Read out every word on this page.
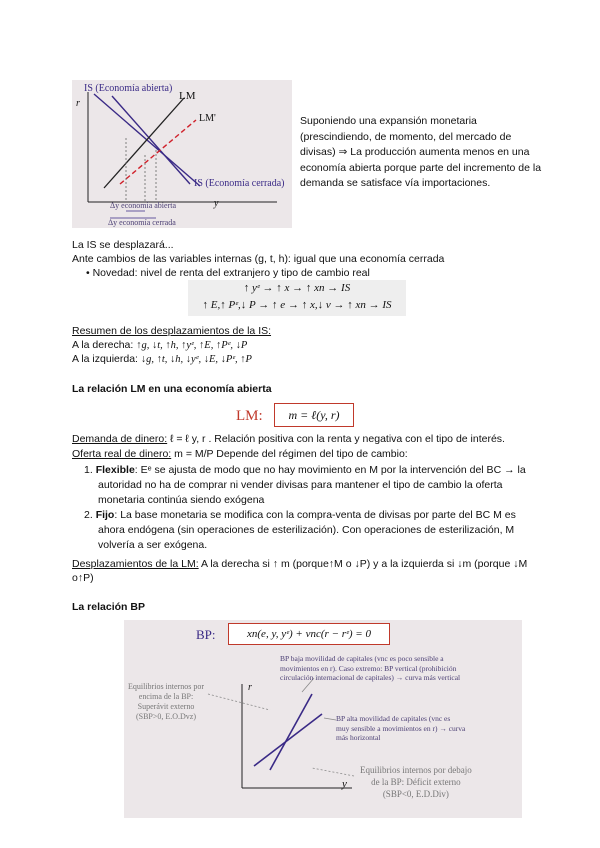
IS (Economía abierta)
LM
LM'
IS (Economía cerrada)
r
Δy economía abierta	y
Δy economía cerrada
Suponiendo una expansión monetaria
(prescindiendo, de momento, del mercado de
divisas) ⇒ La producción aumenta menos en una
economía abierta porque parte del incremento de la
demanda se satisface vía importaciones.
La IS se desplazará...
Ante cambios de las variables internas (g, t, h): igual que una economía cerrada
• Novedad: nivel de renta del extranjero y tipo de cambio real
↑ yᵉ → ↑ x → ↑ xn → IS
↑ E,↑ Pᵉ,↓ P → ↑ e → ↑ x,↓ v → ↑ xn → IS
Resumen de los desplazamientos de la IS:
A la derecha: ↑g, ↓t, ↑h, ↑yᵉ, ↑E, ↑Pᵉ, ↓P
A la izquierda: ↓g, ↑t, ↓h, ↓yᵉ, ↓E, ↓Pᵉ, ↑P
La relación LM en una economía abierta
LM:	m = ℓ(y, r)
Demanda de dinero: ℓ = ℓ y, r . Relación positiva con la renta y negativa con el tipo de interés.
Oferta real de dinero: m = M/P Depende del régimen del tipo de cambio:
1. Flexible: Eᵉ se ajusta de modo que no hay movimiento en M por la intervención del BC → la
autoridad no ha de comprar ni vender divisas para mantener el tipo de cambio la oferta
monetaria continúa siendo exógena
2. Fijo: La base monetaria se modifica con la compra-venta de divisas por parte del BC M es
ahora endógena (sin operaciones de esterilización). Con operaciones de esterilización, M
volvería a ser exógena.
Desplazamientos de la LM: A la derecha si ↑ m (porque↑M o ↓P) y a la izquierda si ↓m (porque ↓M
o↑P)
La relación BP
BP:	xn(e, y, yᵉ) + vnc(r − rᵉ) = 0
r
y
Equilibrios internos por
encima de la BP:
Superávit externo
(SBP>0, E.O.Dvz)
BP baja movilidad de capitales (vnc es poco sensible a
movimientos en r). Caso extremo: BP vertical (prohibición
circulación internacional de capitales) → curva más vertical
BP alta movilidad de capitales (vnc es
muy sensible a movimientos en r) → curva
más horizontal
Equilibrios internos por debajo
de la BP: Déficit externo
(SBP<0, E.D.Div)
